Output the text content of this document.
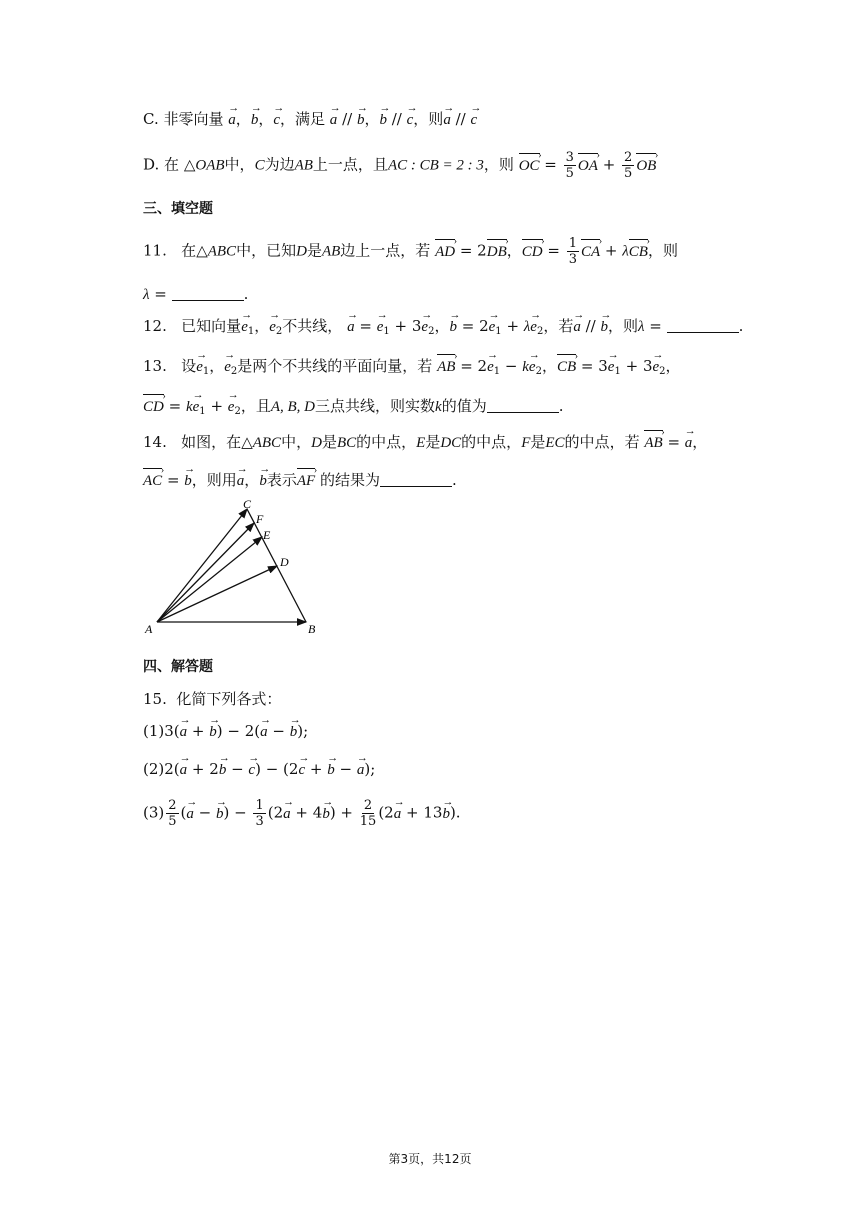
C. 非零向量 a →，b →，c →，满足 a → // b →，b → // c →，则a → // c →
D. 在 △OAB中，C为边AB上一点，且AC : CB = 2 : 3，则 OC › = $\frac{3}{5}$ OA › + $\frac{2}{5}$ OB ›
三、填空题
11. 在△ABC中，已知D是AB边上一点，若 AD › = 2DB ›，CD › = $\frac{1}{3}$ CA › + λCB ›，则
λ =	.
12. 已知向量$e \to_1$，$e \to_2$不共线， a → = $e \to_1 + 3e \to_2$，b → = $2e \to_1 + \lambda e \to_2$，若a → // b →，则λ =	.
13. 设$e \to_1$，$e \to_2$是两个不共线的平面向量，若 AB › = $2e \to_1$ − ke $\to_2$，CB › = $3e \to_1 + 3e \to_2$，
CD › = ke $\to_1 + e \to_2$，且A, B, D三点共线，则实数k的值为	.
14. 如图，在△ABC中，D是BC的中点，E是DC的中点，F是EC的中点，若 AB › = a →，
AC › = b →，则用a →，b →表示AF › 的结果为	.
A	B
C
F
E
D
四、解答题
15. 化简下列各式：
(1)3(a → + b →) − 2(a → − b →);
(2)2(a → + 2b → − c →) − (2c → + b → − a →);
$(3) \frac{2}{5} (a$ → − b →) − $\frac{1}{3} (2a$ → + 4b →) + $\frac{2}{15} (2a$ → + 13b →).
第3页，共12页
